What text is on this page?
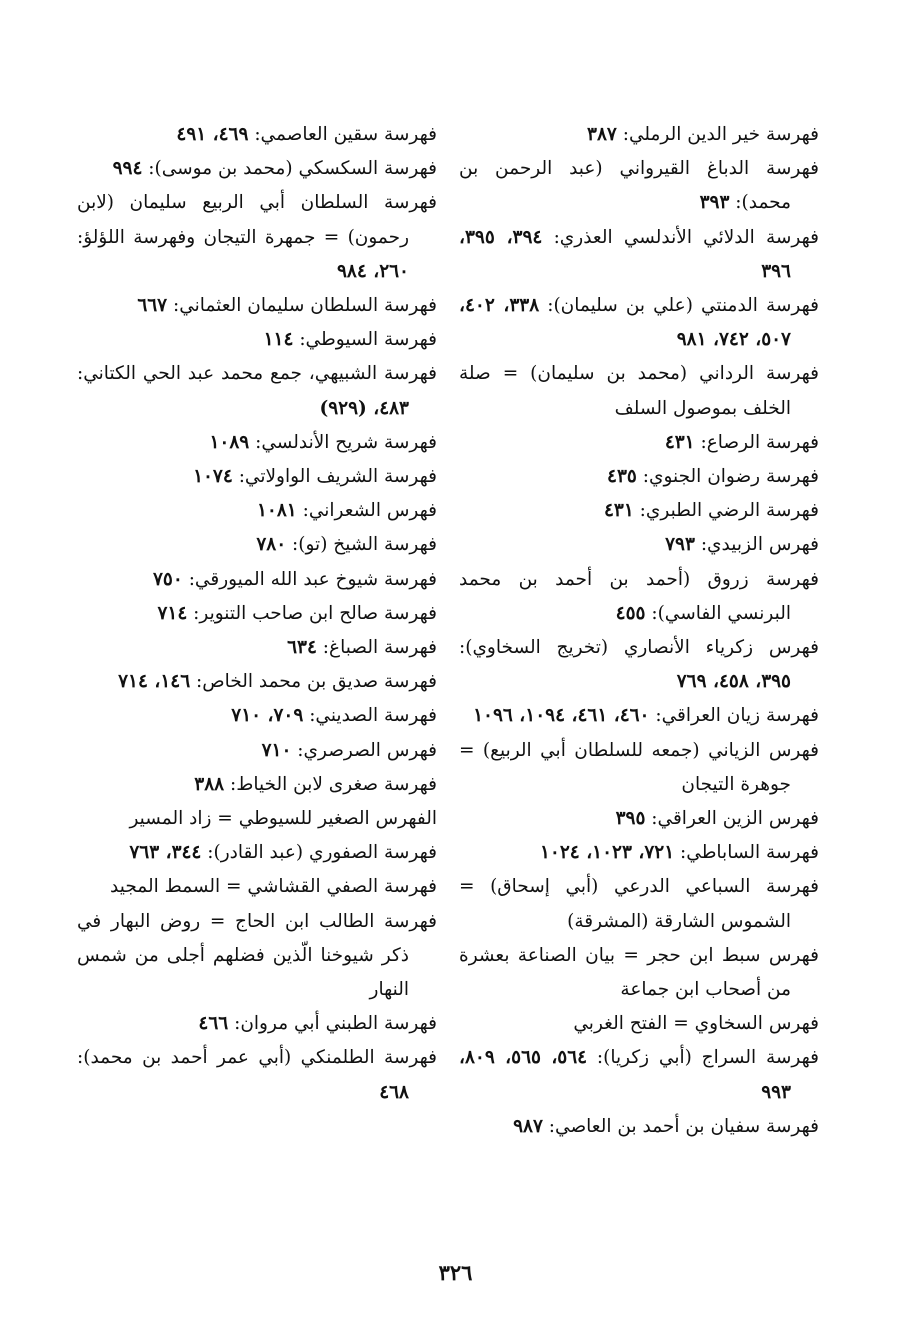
فهرسة خير الدين الرملي: ٣٨٧

فهرسة الدباغ القيرواني (عبد الرحمن بن محمد): ٣٩٣

فهرسة الدلائي الأندلسي العذري: ٣٩٤، ٣٩٥، ٣٩٦

فهرسة الدمنتي (علي بن سليمان): ٣٣٨، ٤٠٢، ٥٠٧، ٧٤٢، ٩٨١

فهرسة الرداني (محمد بن سليمان) = صلة الخلف بموصول السلف

فهرسة الرصاع: ٤٣١

فهرسة رضوان الجنوي: ٤٣٥

فهرسة الرضي الطبري: ٤٣١

فهرس الزبيدي: ٧٩٣

فهرسة زروق (أحمد بن أحمد بن محمد البرنسي الفاسي): ٤٥٥

فهرس زكرياء الأنصاري (تخريج السخاوي): ٣٩٥، ٤٥٨، ٧٦٩

فهرسة زيان العراقي: ٤٦٠، ٤٦١، ١٠٩٤، ١٠٩٦

فهرس الزياني (جمعه للسلطان أبي الربيع) = جوهرة التيجان

فهرس الزين العراقي: ٣٩٥

فهرسة الساباطي: ٧٢١، ١٠٢٣، ١٠٢٤

فهرسة السباعي الدرعي (أبي إسحاق) = الشموس الشارقة (المشرقة)

فهرس سبط ابن حجر = بيان الصناعة بعشرة من أصحاب ابن جماعة

فهرس السخاوي = الفتح الغربي

فهرسة السراج (أبي زكريا): ٥٦٤، ٥٦٥، ٨٠٩، ٩٩٣

فهرسة سفيان بن أحمد بن العاصي: ٩٨٧

فهرسة سقين العاصمي: ٤٦٩، ٤٩١

فهرسة السكسكي (محمد بن موسى): ٩٩٤

فهرسة السلطان أبي الربيع سليمان (لابن رحمون) = جمهرة التيجان وفهرسة اللؤلؤ: ٢٦٠، ٩٨٤

فهرسة السلطان سليمان العثماني: ٦٦٧

فهرسة السيوطي: ١١٤

فهرسة الشبيهي، جمع محمد عبد الحي الكتاني: ٤٨٣، (٩٢٩)

فهرسة شريح الأندلسي: ١٠٨٩

فهرسة الشريف الواولاتي: ١٠٧٤

فهرس الشعراني: ١٠٨١

فهرسة الشيخ (تو): ٧٨٠

فهرسة شيوخ عبد الله الميورقي: ٧٥٠

فهرسة صالح ابن صاحب التنوير: ٧١٤

فهرسة الصباغ: ٦٣٤

فهرسة صديق بن محمد الخاص: ١٤٦، ٧١٤

فهرسة الصديني: ٧٠٩، ٧١٠

فهرس الصرصري: ٧١٠

فهرسة صغرى لابن الخياط: ٣٨٨

الفهرس الصغير للسيوطي = زاد المسير

فهرسة الصفوري (عبد القادر): ٣٤٤، ٧٦٣

فهرسة الصفي القشاشي = السمط المجيد

فهرسة الطالب ابن الحاج = روض البهار في ذكر شيوخنا الّذين فضلهم أجلى من شمس النهار

فهرسة الطبني أبي مروان: ٤٦٦

فهرسة الطلمنكي (أبي عمر أحمد بن محمد): ٤٦٨

٣٢٦
